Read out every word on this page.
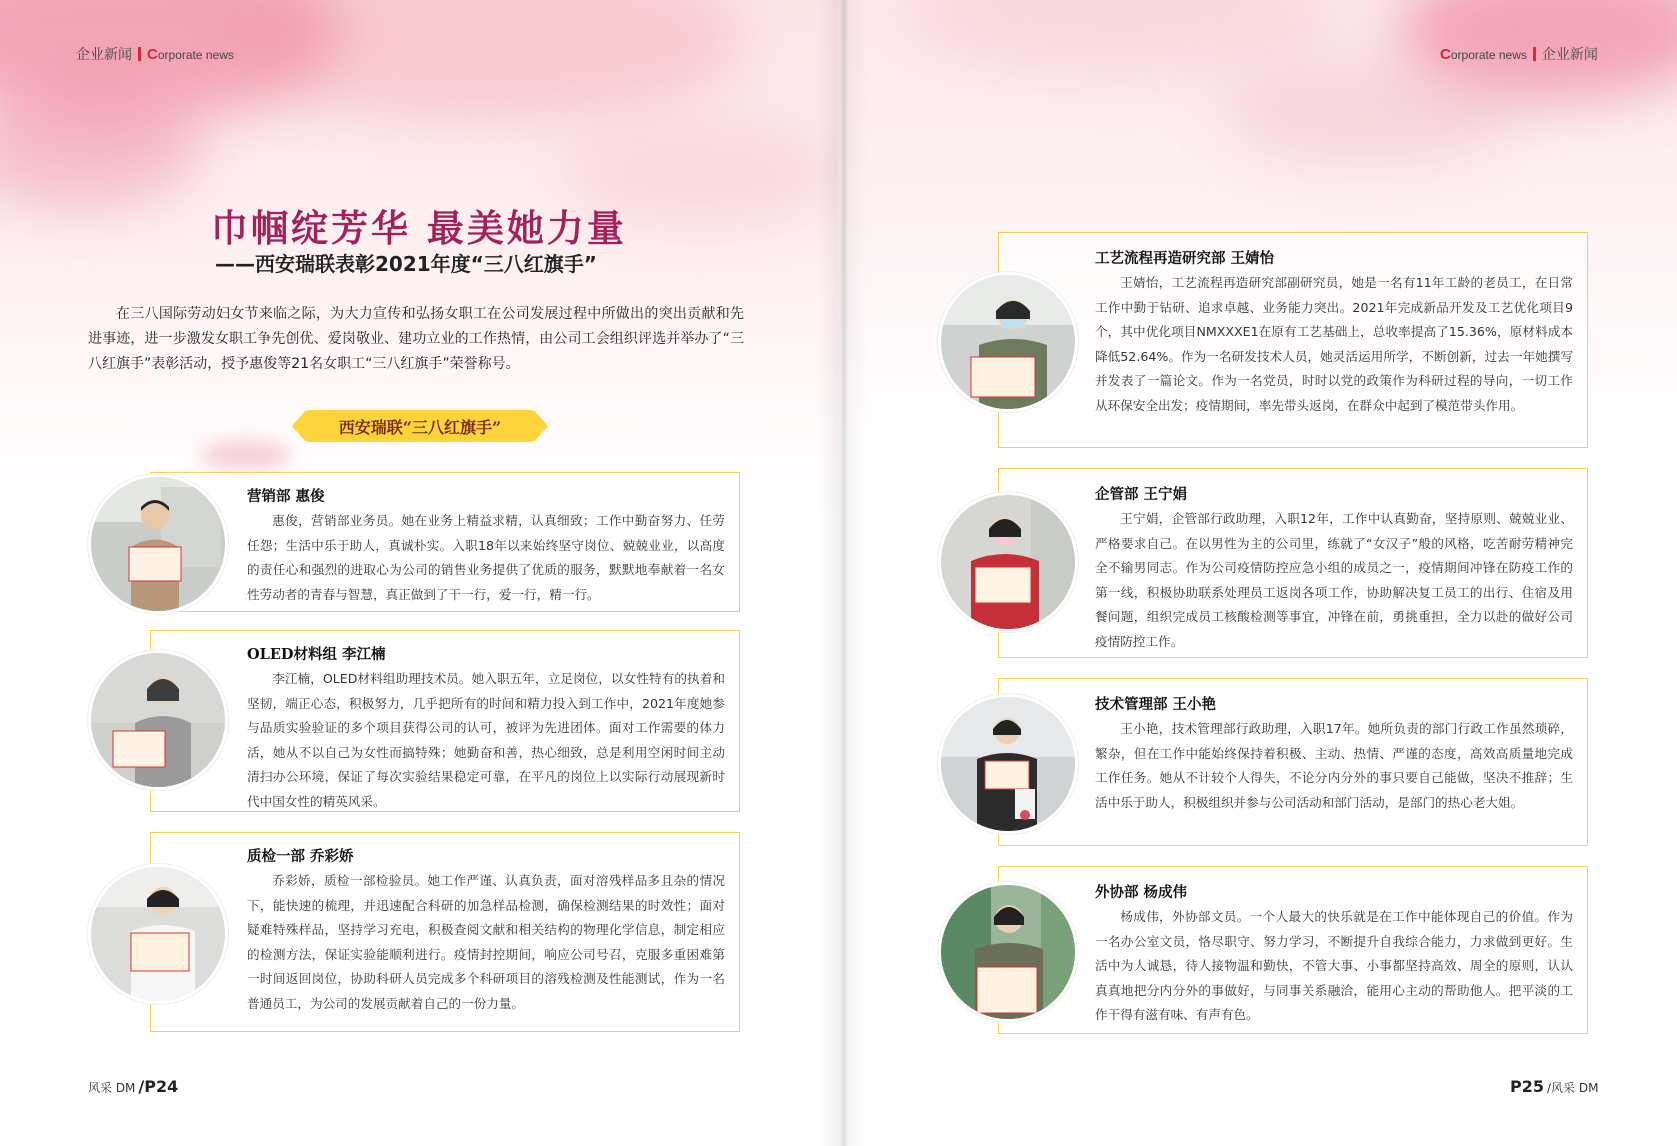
企业新闻 Corporate news
巾帼绽芳华 最美她力量
——西安瑞联表彰2021年度“三八红旗手”
在三八国际劳动妇女节来临之际，为大力宣传和弘扬女职工在公司发展过程中所做出的突出贡献和先进事迹，进一步激发女职工争先创优、爱岗敬业、建功立业的工作热情，由公司工会组织评选并举办了“三八红旗手”表彰活动，授予惠俊等21名女职工“三八红旗手”荣誉称号。
西安瑞联“三八红旗手”
营销部 惠俊
惠俊，营销部业务员。她在业务上精益求精，认真细致；工作中勤奋努力、任劳任怨；生活中乐于助人，真诚朴实。入职18年以来始终坚守岗位、兢兢业业，以高度的责任心和强烈的进取心为公司的销售业务提供了优质的服务，默默地奉献着一名女性劳动者的青春与智慧，真正做到了干一行，爱一行，精一行。
OLED材料组 李江楠
李江楠，OLED材料组助理技术员。她入职五年，立足岗位，以女性特有的执着和坚韧，端正心态，积极努力，几乎把所有的时间和精力投入到工作中，2021年度她参与品质实验验证的多个项目获得公司的认可，被评为先进团体。面对工作需要的体力活，她从不以自己为女性而搞特殊；她勤奋和善，热心细致，总是利用空闲时间主动清扫办公环境，保证了每次实验结果稳定可靠，在平凡的岗位上以实际行动展现新时代中国女性的精英风采。
质检一部 乔彩娇
乔彩娇，质检一部检验员。她工作严谨、认真负责，面对溶残样品多且杂的情况下，能快速的梳理，并迅速配合科研的加急样品检测，确保检测结果的时效性；面对疑难特殊样品，坚持学习充电，积极查阅文献和相关结构的物理化学信息，制定相应的检测方法，保证实验能顺利进行。疫情封控期间，响应公司号召，克服多重困难第一时间返回岗位，协助科研人员完成多个科研项目的溶残检测及性能测试，作为一名普通员工，为公司的发展贡献着自己的一份力量。
风采 DM /P24
Corporate news 企业新闻
工艺流程再造研究部 王婧怡
王婧怡，工艺流程再造研究部副研究员，她是一名有11年工龄的老员工，在日常工作中勤于钻研、追求卓越、业务能力突出。2021年完成新品开发及工艺优化项目9个，其中优化项目NMXXXE1在原有工艺基础上，总收率提高了15.36%，原材料成本降低52.64%。作为一名研发技术人员，她灵活运用所学，不断创新，过去一年她撰写并发表了一篇论文。作为一名党员，时时以党的政策作为科研过程的导向，一切工作从环保安全出发；疫情期间，率先带头返岗，在群众中起到了模范带头作用。
企管部 王宁娟
王宁娟，企管部行政助理，入职12年，工作中认真勤奋，坚持原则、兢兢业业、严格要求自己。在以男性为主的公司里，练就了“女汉子”般的风格，吃苦耐劳精神完全不输男同志。作为公司疫情防控应急小组的成员之一，疫情期间冲锋在防疫工作的第一线，积极协助联系处理员工返岗各项工作，协助解决复工员工的出行、住宿及用餐问题，组织完成员工核酸检测等事宜，冲锋在前，勇挑重担，全力以赴的做好公司疫情防控工作。
技术管理部 王小艳
王小艳，技术管理部行政助理，入职17年。她所负责的部门行政工作虽然琐碎，繁杂，但在工作中能始终保持着积极、主动、热情、严谨的态度，高效高质量地完成工作任务。她从不计较个人得失，不论分内分外的事只要自己能做，坚决不推辞；生活中乐于助人，积极组织并参与公司活动和部门活动，是部门的热心老大姐。
外协部 杨成伟
杨成伟，外协部文员。一个人最大的快乐就是在工作中能体现自己的价值。作为一名办公室文员，恪尽职守、努力学习，不断提升自我综合能力，力求做到更好。生活中为人诚恳，待人接物温和勤快，不管大事、小事都坚持高效、周全的原则，认认真真地把分内分外的事做好，与同事关系融洽，能用心主动的帮助他人。把平淡的工作干得有滋有味、有声有色。
P25 /风采 DM
